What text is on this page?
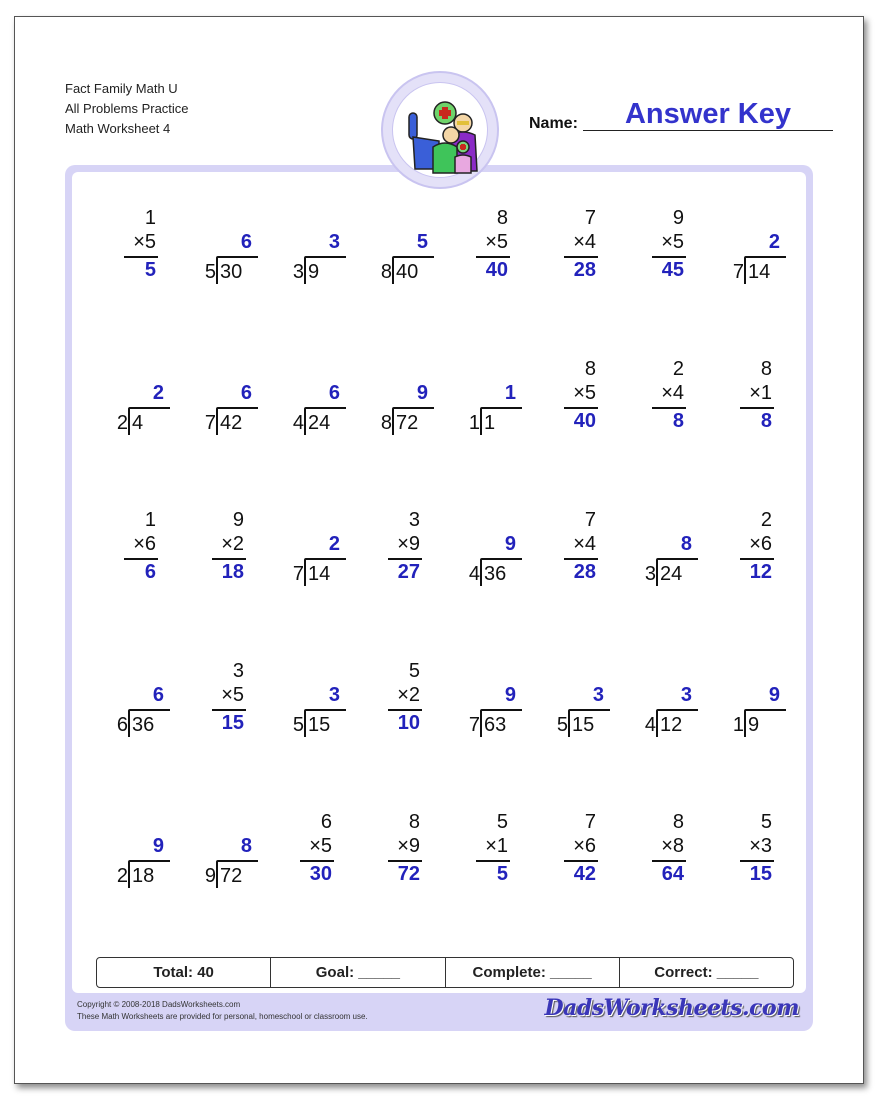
Fact Family Math U
All Problems Practice
Math Worksheet 4	Name:	Answer Key
1
×5
5
6
5 30
3
3 9
5
8 40
8
×5
40
7
×4
28
9
×5
45
2
7 14
2
2 4
6
7 42
6
4 24
9
8 72
1
1 1
8
×5
40
2
×4
8
8
×1
8
1
×6
6
9
×2
18
2
7 14
3
×9
27
9
4 36
7
×4
28
8
3 24
2
×6
12
6
6 36
3
×5
15
3
5 15
5
×2
10
9
7 63
3
5 15
3
4 12
9
1 9
9
2 18
8
9 72
6
×5
30
8
×9
72
5
×1
5
7
×6
42
8
×8
64
5
×3
15
Total: 40	Goal: _____	Complete: _____	Correct: _____
Copyright © 2008-2018 DadsWorksheets.com
These Math Worksheets are provided for personal, homeschool or classroom use.	DadsWorksheets.com
